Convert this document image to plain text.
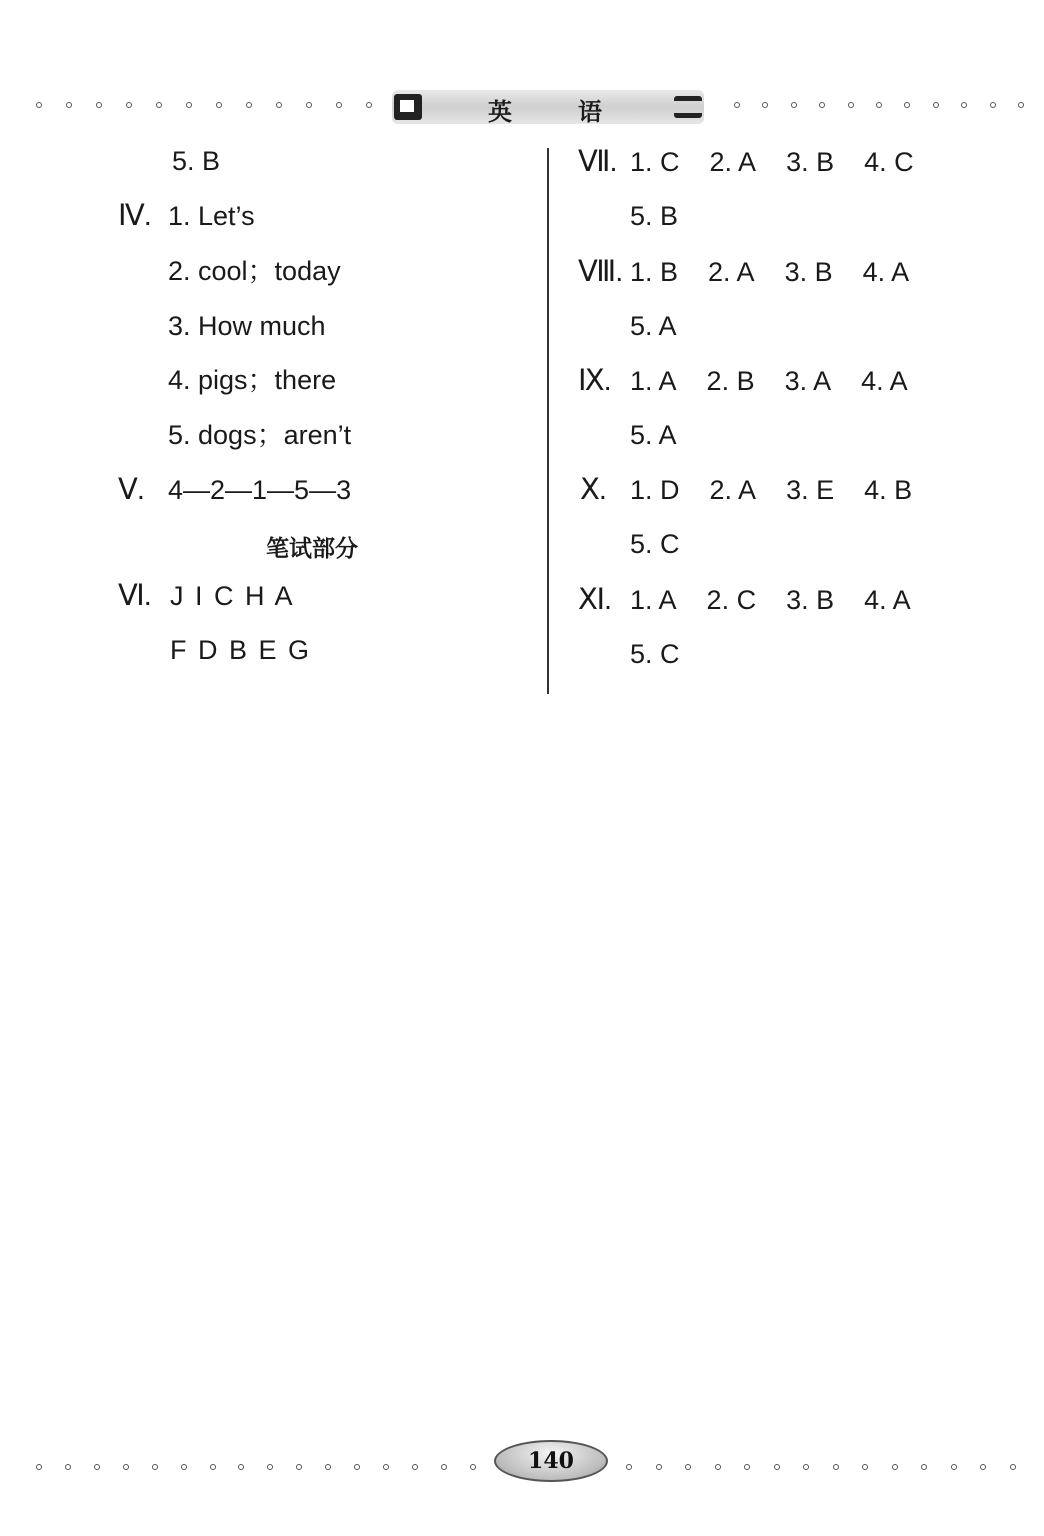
英	语
5. B
Ⅳ. 1. Let’s
2. cool；today
3. How much
4. pigs；there
5. dogs；aren’t
Ⅴ. 4—2—1—5—3
笔试部分
Ⅵ. J I C H A
F D B E G
Ⅶ. 1. C 2. A 3. B 4. C
5. B
Ⅷ. 1. B 2. A 3. B 4. A
5. A
Ⅸ. 1. A 2. B 3. A 4. A
5. A
Ⅹ. 1. D 2. A 3. E 4. B
5. C
Ⅺ. 1. A 2. C 3. B 4. A
5. C
140
